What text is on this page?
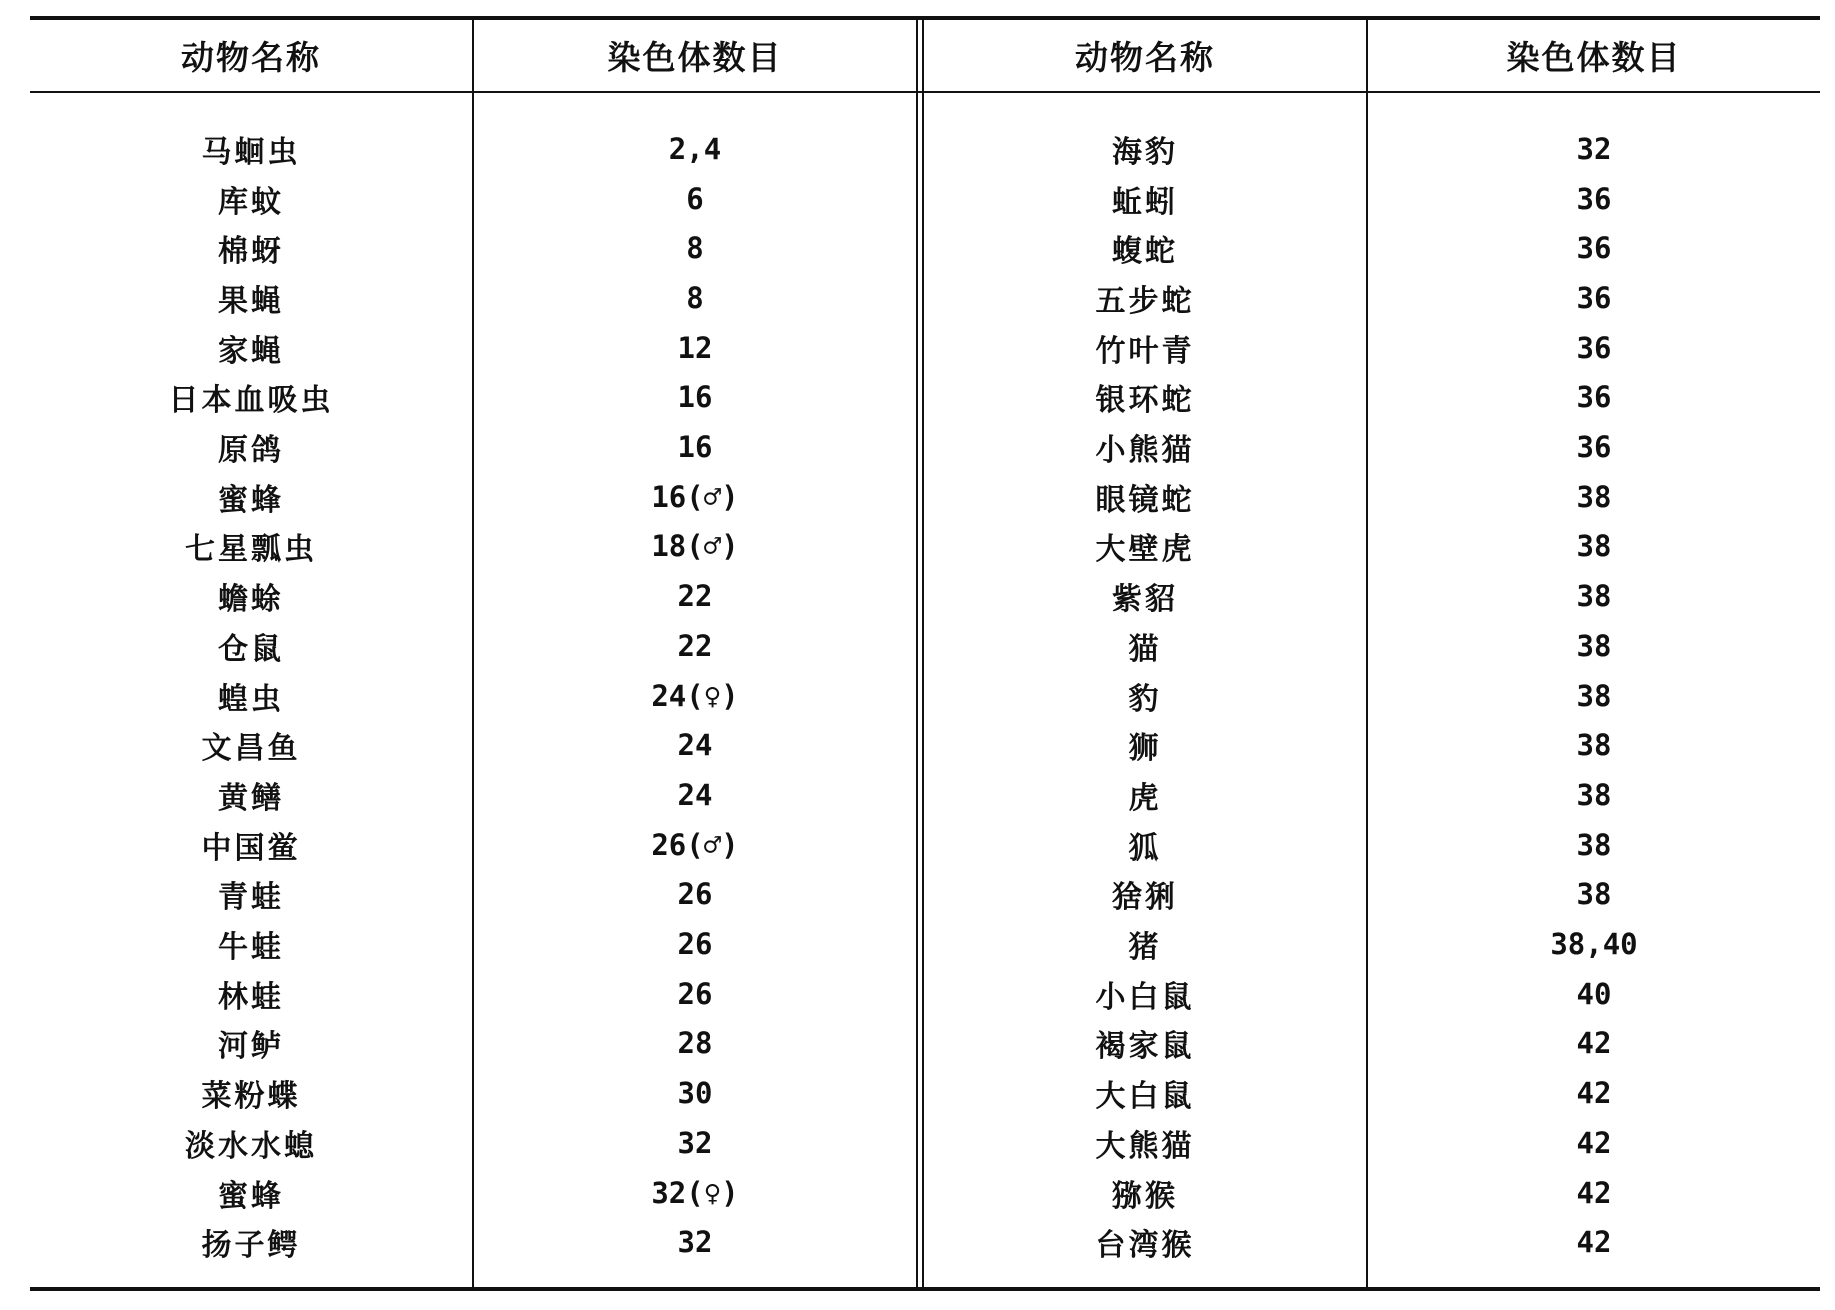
动物名称	染色体数目	动物名称	染色体数目
马蛔虫	2,4	海豹	32
库蚊	6	蚯蚓	36
棉蚜	8	蝮蛇	36
果蝇	8	五步蛇	36
家蝇	12	竹叶青	36
日本血吸虫	16	银环蛇	36
原鸽	16	小熊猫	36
蜜蜂	16(♂)	眼镜蛇	38
七星瓢虫	18(♂)	大壁虎	38
蟾蜍	22	紫貂	38
仓鼠	22	猫	38
蝗虫	24(♀)	豹	38
文昌鱼	24	狮	38
黄鳝	24	虎	38
中国鲎	26(♂)	狐	38
青蛙	26	猞猁	38
牛蛙	26	猪	38,40
林蛙	26	小白鼠	40
河鲈	28	褐家鼠	42
菜粉蝶	30	大白鼠	42
淡水水螅	32	大熊猫	42
蜜蜂	32(♀)	猕猴	42
扬子鳄	32	台湾猴	42
